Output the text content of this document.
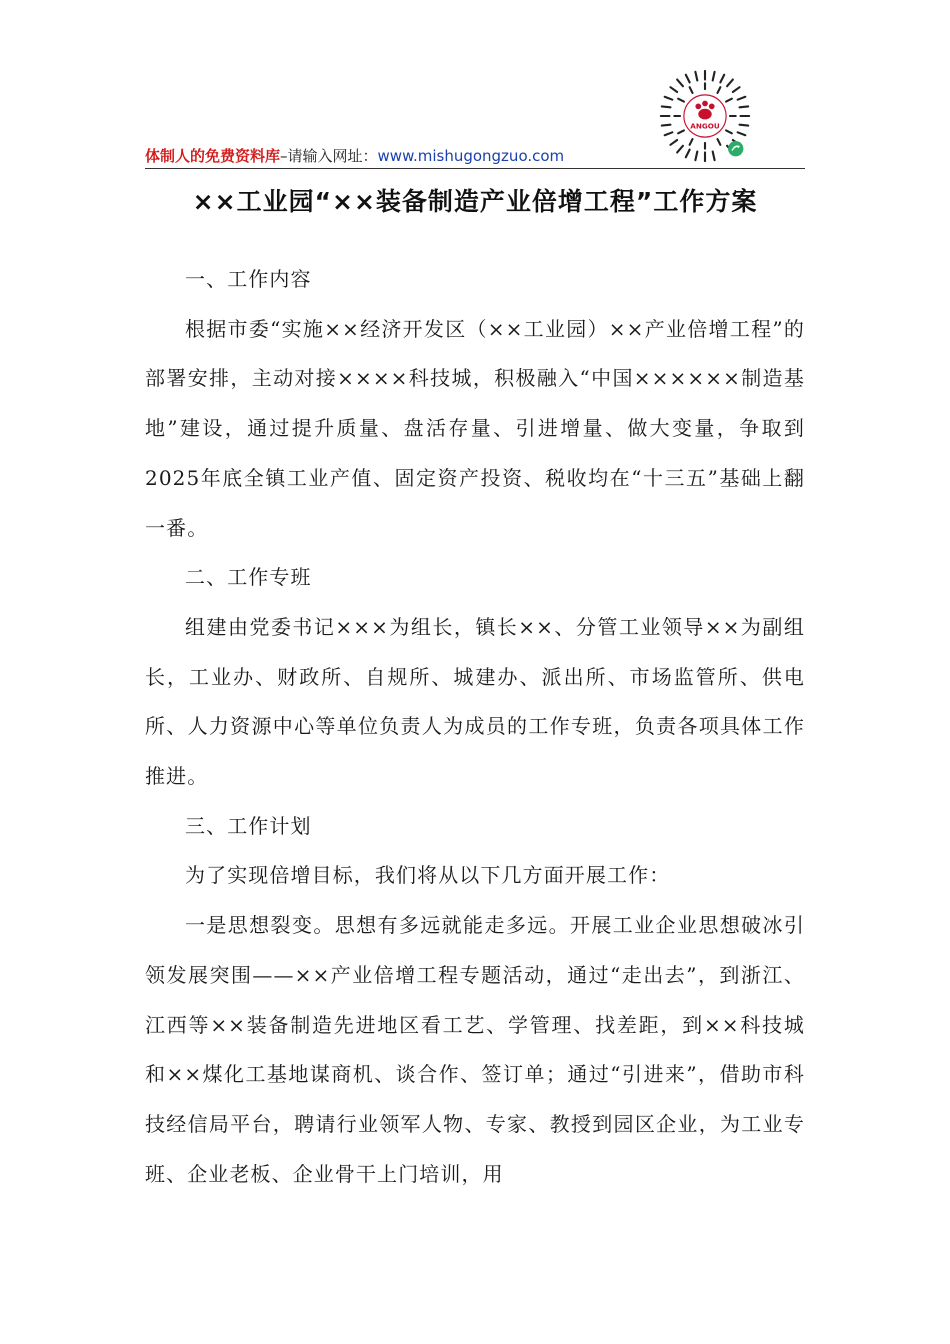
体制人的免费资料库–请输入网址：www.mishugongzuo.com
ANGOU
××工业园“××装备制造产业倍增工程”工作方案
一、工作内容

根据市委“实施××经济开发区（××工业园）××产业倍增工程”的部署安排，主动对接××××科技城，积极融入“中国××××××制造基地”建设，通过提升质量、盘活存量、引进增量、做大变量，争取到2025年底全镇工业产值、固定资产投资、税收均在“十三五”基础上翻一番。

二、工作专班

组建由党委书记×××为组长，镇长××、分管工业领导××为副组长，工业办、财政所、自规所、城建办、派出所、市场监管所、供电所、人力资源中心等单位负责人为成员的工作专班，负责各项具体工作推进。

三、工作计划

为了实现倍增目标，我们将从以下几方面开展工作：

一是思想裂变。思想有多远就能走多远。开展工业企业思想破冰引领发展突围——××产业倍增工程专题活动，通过“走出去”，到浙江、江西等××装备制造先进地区看工艺、学管理、找差距，到××科技城和××煤化工基地谋商机、谈合作、签订单；通过“引进来”，借助市科技经信局平台，聘请行业领军人物、专家、教授到园区企业，为工业专班、企业老板、企业骨干上门培训，用
